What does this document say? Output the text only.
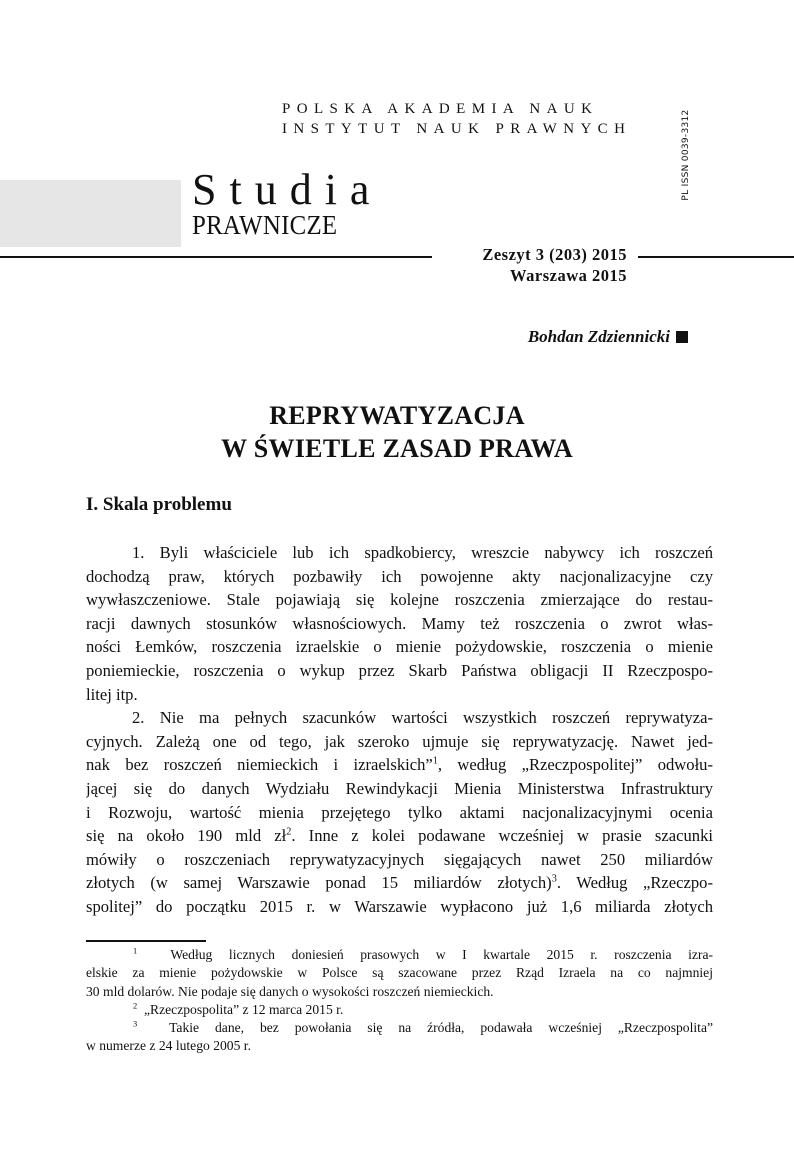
POLSKA AKADEMIA NAUK
INSTYTUT NAUK PRAWNYCH	PL ISSN 0039-3312
Studia
PRAWNICZE
Zeszyt 3 (203) 2015
Warszawa 2015
Bohdan Zdziennicki
REPRYWATYZACJA
W ŚWIETLE ZASAD PRAWA
I. Skala problemu
1. Byli właściciele lub ich spadkobiercy, wreszcie nabywcy ich roszczeń
dochodzą praw, których pozbawiły ich powojenne akty nacjonalizacyjne czy
wywłaszczeniowe. Stale pojawiają się kolejne roszczenia zmierzające do restau-
racji dawnych stosunków własnościowych. Mamy też roszczenia o zwrot włas-
ności Łemków, roszczenia izraelskie o mienie pożydowskie, roszczenia o mienie
poniemieckie, roszczenia o wykup przez Skarb Państwa obligacji II Rzeczpospo-
litej itp.
2. Nie ma pełnych szacunków wartości wszystkich roszczeń reprywatyza-
cyjnych. Zależą one od tego, jak szeroko ujmuje się reprywatyzację. Nawet jed-
nak bez roszczeń niemieckich i izraelskich”$^1$, według „Rzeczpospolitej” odwołu-
jącej się do danych Wydziału Rewindykacji Mienia Ministerstwa Infrastruktury
i Rozwoju, wartość mienia przejętego tylko aktami nacjonalizacyjnymi ocenia
się na około 190 mld $zł^2$. Inne z kolei podawane wcześniej w prasie szacunki
mówiły o roszczeniach reprywatyzacyjnych sięgających nawet 250 miliardów
złotych (w samej Warszawie ponad 15 miliardów złotych)$^3$. Według „Rzeczpo-
spolitej” do początku 2015 r. w Warszawie wypłacono już 1,6 miliarda złotych
$^1$ Według licznych doniesień prasowych w I kwartale 2015 r. roszczenia izra-
elskie za mienie pożydowskie w Polsce są szacowane przez Rząd Izraela na co najmniej
30 mld dolarów. Nie podaje się danych o wysokości roszczeń niemieckich.
$^2$ „Rzeczpospolita” z 12 marca 2015 r.
$^3$ Takie dane, bez powołania się na źródła, podawała wcześniej „Rzeczpospolita”
w numerze z 24 lutego 2005 r.
